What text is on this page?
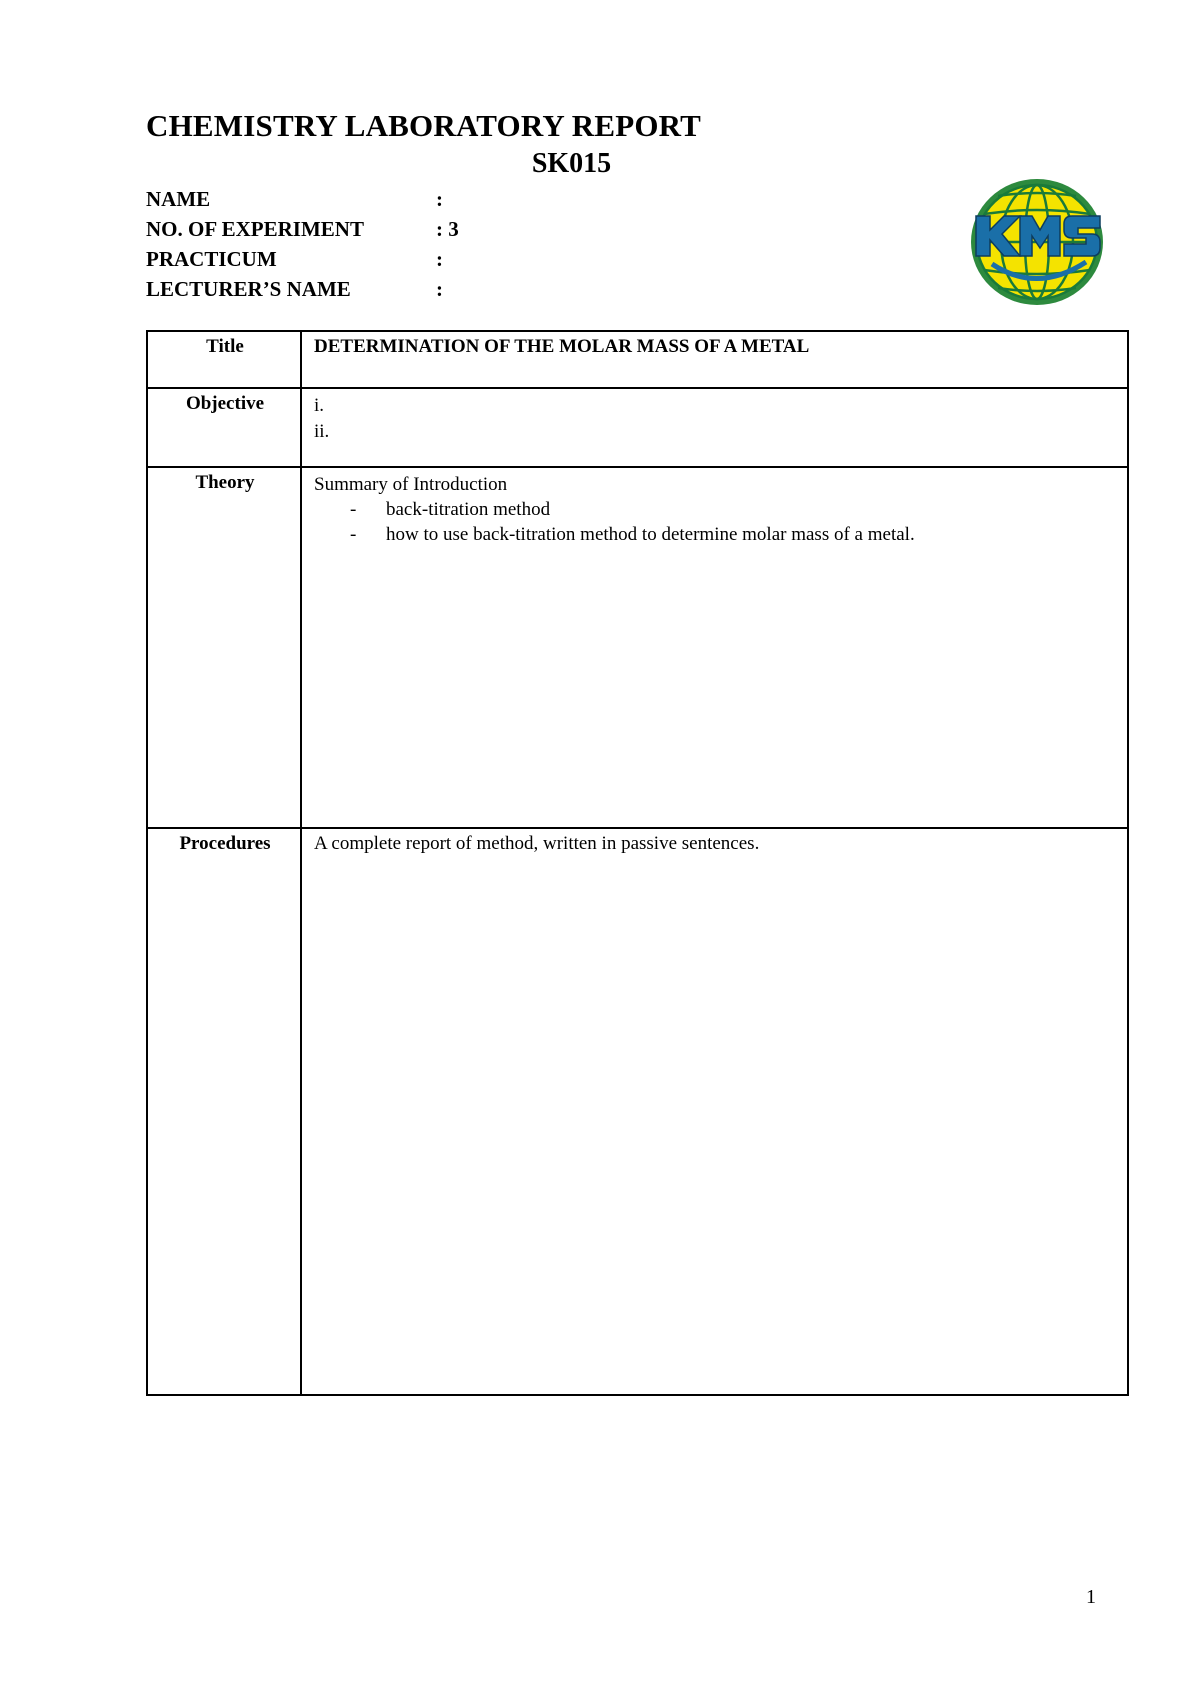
CHEMISTRY LABORATORY REPORT
SK015
NAME	:
NO. OF EXPERIMENT	: 3
PRACTICUM	:
LECTURER’S NAME	:
Title	DETERMINATION OF THE MOLAR MASS OF A METAL
Objective	i.
ii.

Theory	Summary of Introduction
- back-titration method
- how to use back-titration method to determine molar mass of a metal.

Procedures	A complete report of method, written in passive sentences.
1
